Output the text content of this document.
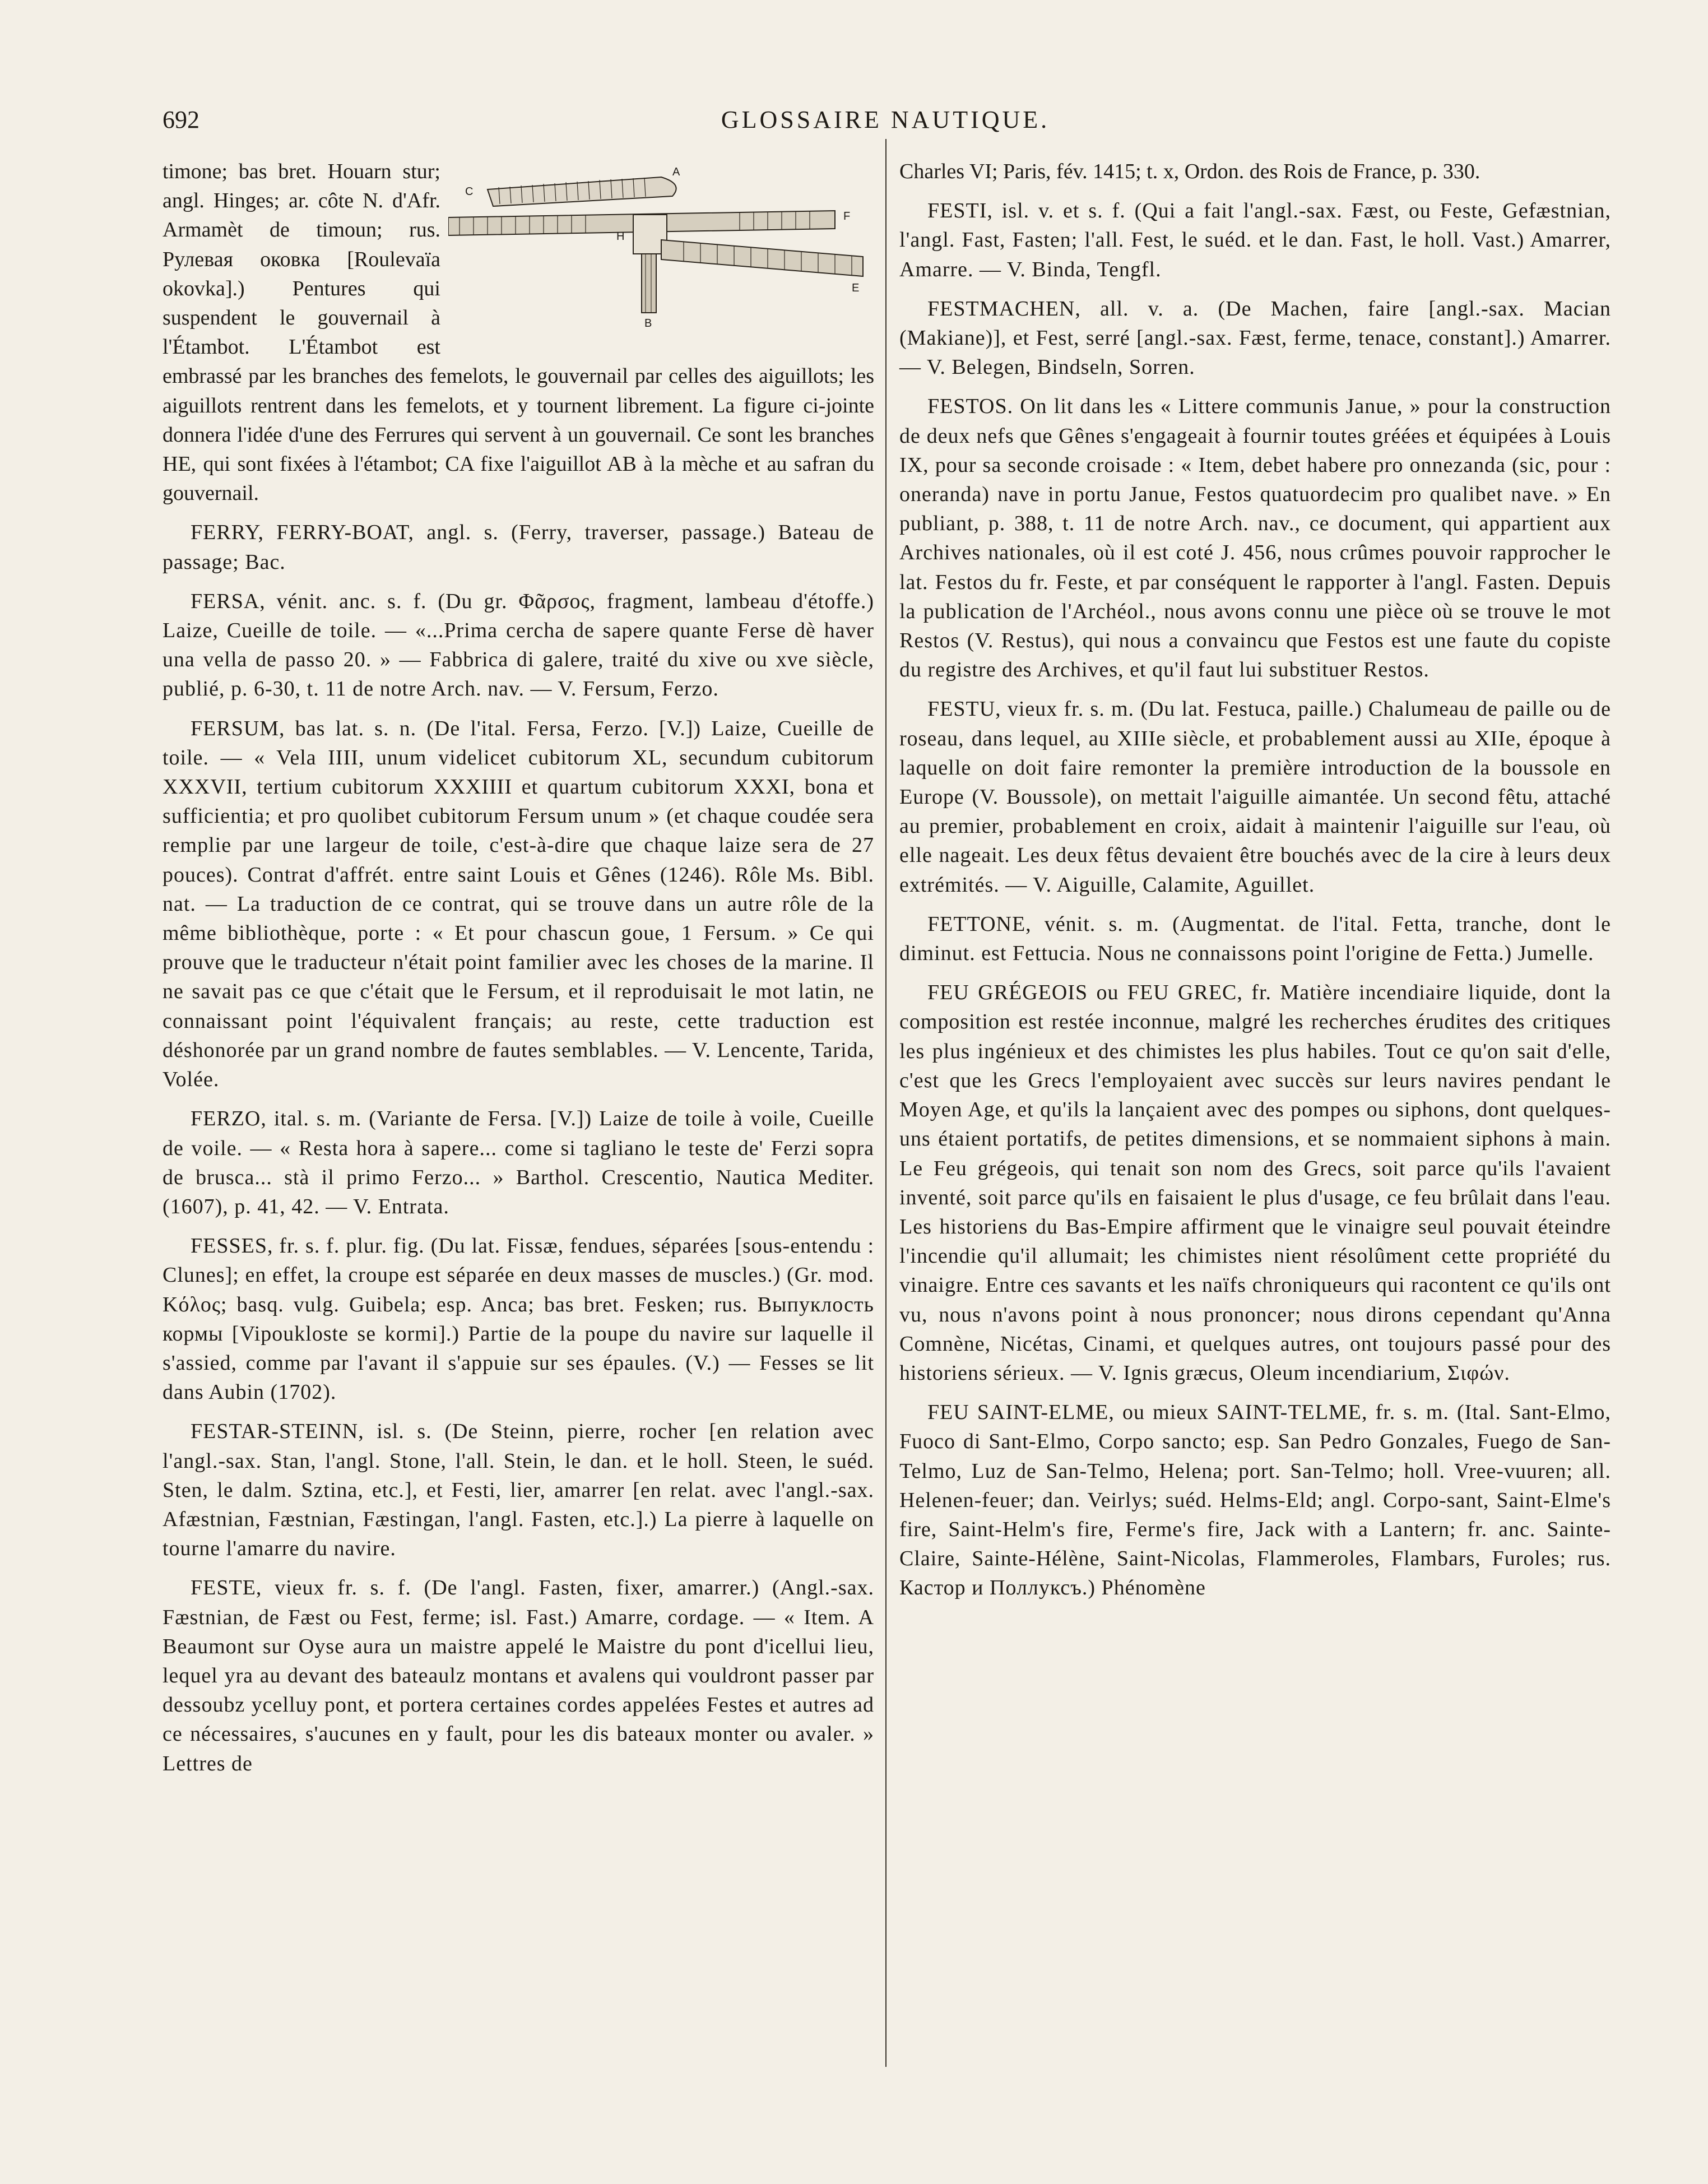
692	GLOSSAIRE NAUTIQUE.
C
A
F
H
E
B

timone; bas bret. Houarn stur; angl. Hinges; ar. côte N. d'Afr. Armamèt de timoun; rus. Рулевая оковка [Roulevaïa okovka].) Pentures qui suspendent le gouvernail à l'Étambot. L'Étambot est embrassé par les branches des femelots, le gouvernail par celles des aiguillots; les aiguillots rentrent dans les femelots, et y tournent librement. La figure ci-jointe donnera l'idée d'une des Ferrures qui servent à un gouvernail. Ce sont les branches HE, qui sont fixées à l'étambot; CA fixe l'aiguillot AB à la mèche et au safran du gouvernail.

FERRY, FERRY-BOAT, angl. s. (Ferry, traverser, passage.) Bateau de passage; Bac.

FERSA, vénit. anc. s. f. (Du gr. Φᾶρσος, fragment, lambeau d'étoffe.) Laize, Cueille de toile. — «...Prima cercha de sapere quante Ferse dè haver una vella de passo 20. » — Fabbrica di galere, traité du xive ou xve siècle, publié, p. 6-30, t. 11 de notre Arch. nav. — V. Fersum, Ferzo.

FERSUM, bas lat. s. n. (De l'ital. Fersa, Ferzo. [V.]) Laize, Cueille de toile. — « Vela IIII, unum videlicet cubitorum XL, secundum cubitorum XXXVII, tertium cubitorum XXXIIII et quartum cubitorum XXXI, bona et sufficientia; et pro quolibet cubitorum Fersum unum » (et chaque coudée sera remplie par une largeur de toile, c'est-à-dire que chaque laize sera de 27 pouces). Contrat d'affrét. entre saint Louis et Gênes (1246). Rôle Ms. Bibl. nat. — La traduction de ce contrat, qui se trouve dans un autre rôle de la même bibliothèque, porte : « Et pour chascun goue, 1 Fersum. » Ce qui prouve que le traducteur n'était point familier avec les choses de la marine. Il ne savait pas ce que c'était que le Fersum, et il reproduisait le mot latin, ne connaissant point l'équivalent français; au reste, cette traduction est déshonorée par un grand nombre de fautes semblables. — V. Lencente, Tarida, Volée.

FERZO, ital. s. m. (Variante de Fersa. [V.]) Laize de toile à voile, Cueille de voile. — « Resta hora à sapere... come si tagliano le teste de' Ferzi sopra de brusca... stà il primo Ferzo... » Barthol. Crescentio, Nautica Mediter. (1607), p. 41, 42. — V. Entrata.

FESSES, fr. s. f. plur. fig. (Du lat. Fissæ, fendues, séparées [sous-entendu : Clunes]; en effet, la croupe est séparée en deux masses de muscles.) (Gr. mod. Κόλος; basq. vulg. Guibela; esp. Anca; bas bret. Fesken; rus. Выпуклость кормы [Vipoukloste se kormi].) Partie de la poupe du navire sur laquelle il s'assied, comme par l'avant il s'appuie sur ses épaules. (V.) — Fesses se lit dans Aubin (1702).

FESTAR-STEINN, isl. s. (De Steinn, pierre, rocher [en relation avec l'angl.-sax. Stan, l'angl. Stone, l'all. Stein, le dan. et le holl. Steen, le suéd. Sten, le dalm. Sztina, etc.], et Festi, lier, amarrer [en relat. avec l'angl.-sax. Afæstnian, Fæstnian, Fæstingan, l'angl. Fasten, etc.].) La pierre à laquelle on tourne l'amarre du navire.

FESTE, vieux fr. s. f. (De l'angl. Fasten, fixer, amarrer.) (Angl.-sax. Fæstnian, de Fæst ou Fest, ferme; isl. Fast.) Amarre, cordage. — « Item. A Beaumont sur Oyse aura un maistre appelé le Maistre du pont d'icellui lieu, lequel yra au devant des bateaulz montans et avalens qui vouldront passer par dessoubz ycelluy pont, et portera certaines cordes appelées Festes et autres ad ce nécessaires, s'aucunes en y fault, pour les dis bateaux monter ou avaler. » Lettres de

Charles VI; Paris, fév. 1415; t. x, Ordon. des Rois de France, p. 330.

FESTI, isl. v. et s. f. (Qui a fait l'angl.-sax. Fæst, ou Feste, Gefæstnian, l'angl. Fast, Fasten; l'all. Fest, le suéd. et le dan. Fast, le holl. Vast.) Amarrer, Amarre. — V. Binda, Tengfl.

FESTMACHEN, all. v. a. (De Machen, faire [angl.-sax. Macian (Makiane)], et Fest, serré [angl.-sax. Fæst, ferme, tenace, constant].) Amarrer. — V. Belegen, Bindseln, Sorren.

FESTOS. On lit dans les « Littere communis Janue, » pour la construction de deux nefs que Gênes s'engageait à fournir toutes gréées et équipées à Louis IX, pour sa seconde croisade : « Item, debet habere pro onnezanda (sic, pour : oneranda) nave in portu Janue, Festos quatuordecim pro qualibet nave. » En publiant, p. 388, t. 11 de notre Arch. nav., ce document, qui appartient aux Archives nationales, où il est coté J. 456, nous crûmes pouvoir rapprocher le lat. Festos du fr. Feste, et par conséquent le rapporter à l'angl. Fasten. Depuis la publication de l'Archéol., nous avons connu une pièce où se trouve le mot Restos (V. Restus), qui nous a convaincu que Festos est une faute du copiste du registre des Archives, et qu'il faut lui substituer Restos.

FESTU, vieux fr. s. m. (Du lat. Festuca, paille.) Chalumeau de paille ou de roseau, dans lequel, au XIIIe siècle, et probablement aussi au XIIe, époque à laquelle on doit faire remonter la première introduction de la boussole en Europe (V. Boussole), on mettait l'aiguille aimantée. Un second fêtu, attaché au premier, probablement en croix, aidait à maintenir l'aiguille sur l'eau, où elle nageait. Les deux fêtus devaient être bouchés avec de la cire à leurs deux extrémités. — V. Aiguille, Calamite, Aguillet.

FETTONE, vénit. s. m. (Augmentat. de l'ital. Fetta, tranche, dont le diminut. est Fettucia. Nous ne connaissons point l'origine de Fetta.) Jumelle.

FEU GRÉGEOIS ou FEU GREC, fr. Matière incendiaire liquide, dont la composition est restée inconnue, malgré les recherches érudites des critiques les plus ingénieux et des chimistes les plus habiles. Tout ce qu'on sait d'elle, c'est que les Grecs l'employaient avec succès sur leurs navires pendant le Moyen Age, et qu'ils la lançaient avec des pompes ou siphons, dont quelques-uns étaient portatifs, de petites dimensions, et se nommaient siphons à main. Le Feu grégeois, qui tenait son nom des Grecs, soit parce qu'ils l'avaient inventé, soit parce qu'ils en faisaient le plus d'usage, ce feu brûlait dans l'eau. Les historiens du Bas-Empire affirment que le vinaigre seul pouvait éteindre l'incendie qu'il allumait; les chimistes nient résolûment cette propriété du vinaigre. Entre ces savants et les naïfs chroniqueurs qui racontent ce qu'ils ont vu, nous n'avons point à nous prononcer; nous dirons cependant qu'Anna Comnène, Nicétas, Cinami, et quelques autres, ont toujours passé pour des historiens sérieux. — V. Ignis græcus, Oleum incendiarium, Σιφών.

FEU SAINT-ELME, ou mieux SAINT-TELME, fr. s. m. (Ital. Sant-Elmo, Fuoco di Sant-Elmo, Corpo sancto; esp. San Pedro Gonzales, Fuego de San-Telmo, Luz de San-Telmo, Helena; port. San-Telmo; holl. Vree-vuuren; all. Helenen-feuer; dan. Veirlys; suéd. Helms-Eld; angl. Corpo-sant, Saint-Elme's fire, Saint-Helm's fire, Ferme's fire, Jack with a Lantern; fr. anc. Sainte-Claire, Sainte-Hélène, Saint-Nicolas, Flammeroles, Flambars, Furoles; rus. Кастор и Поллуксъ.) Phénomène
